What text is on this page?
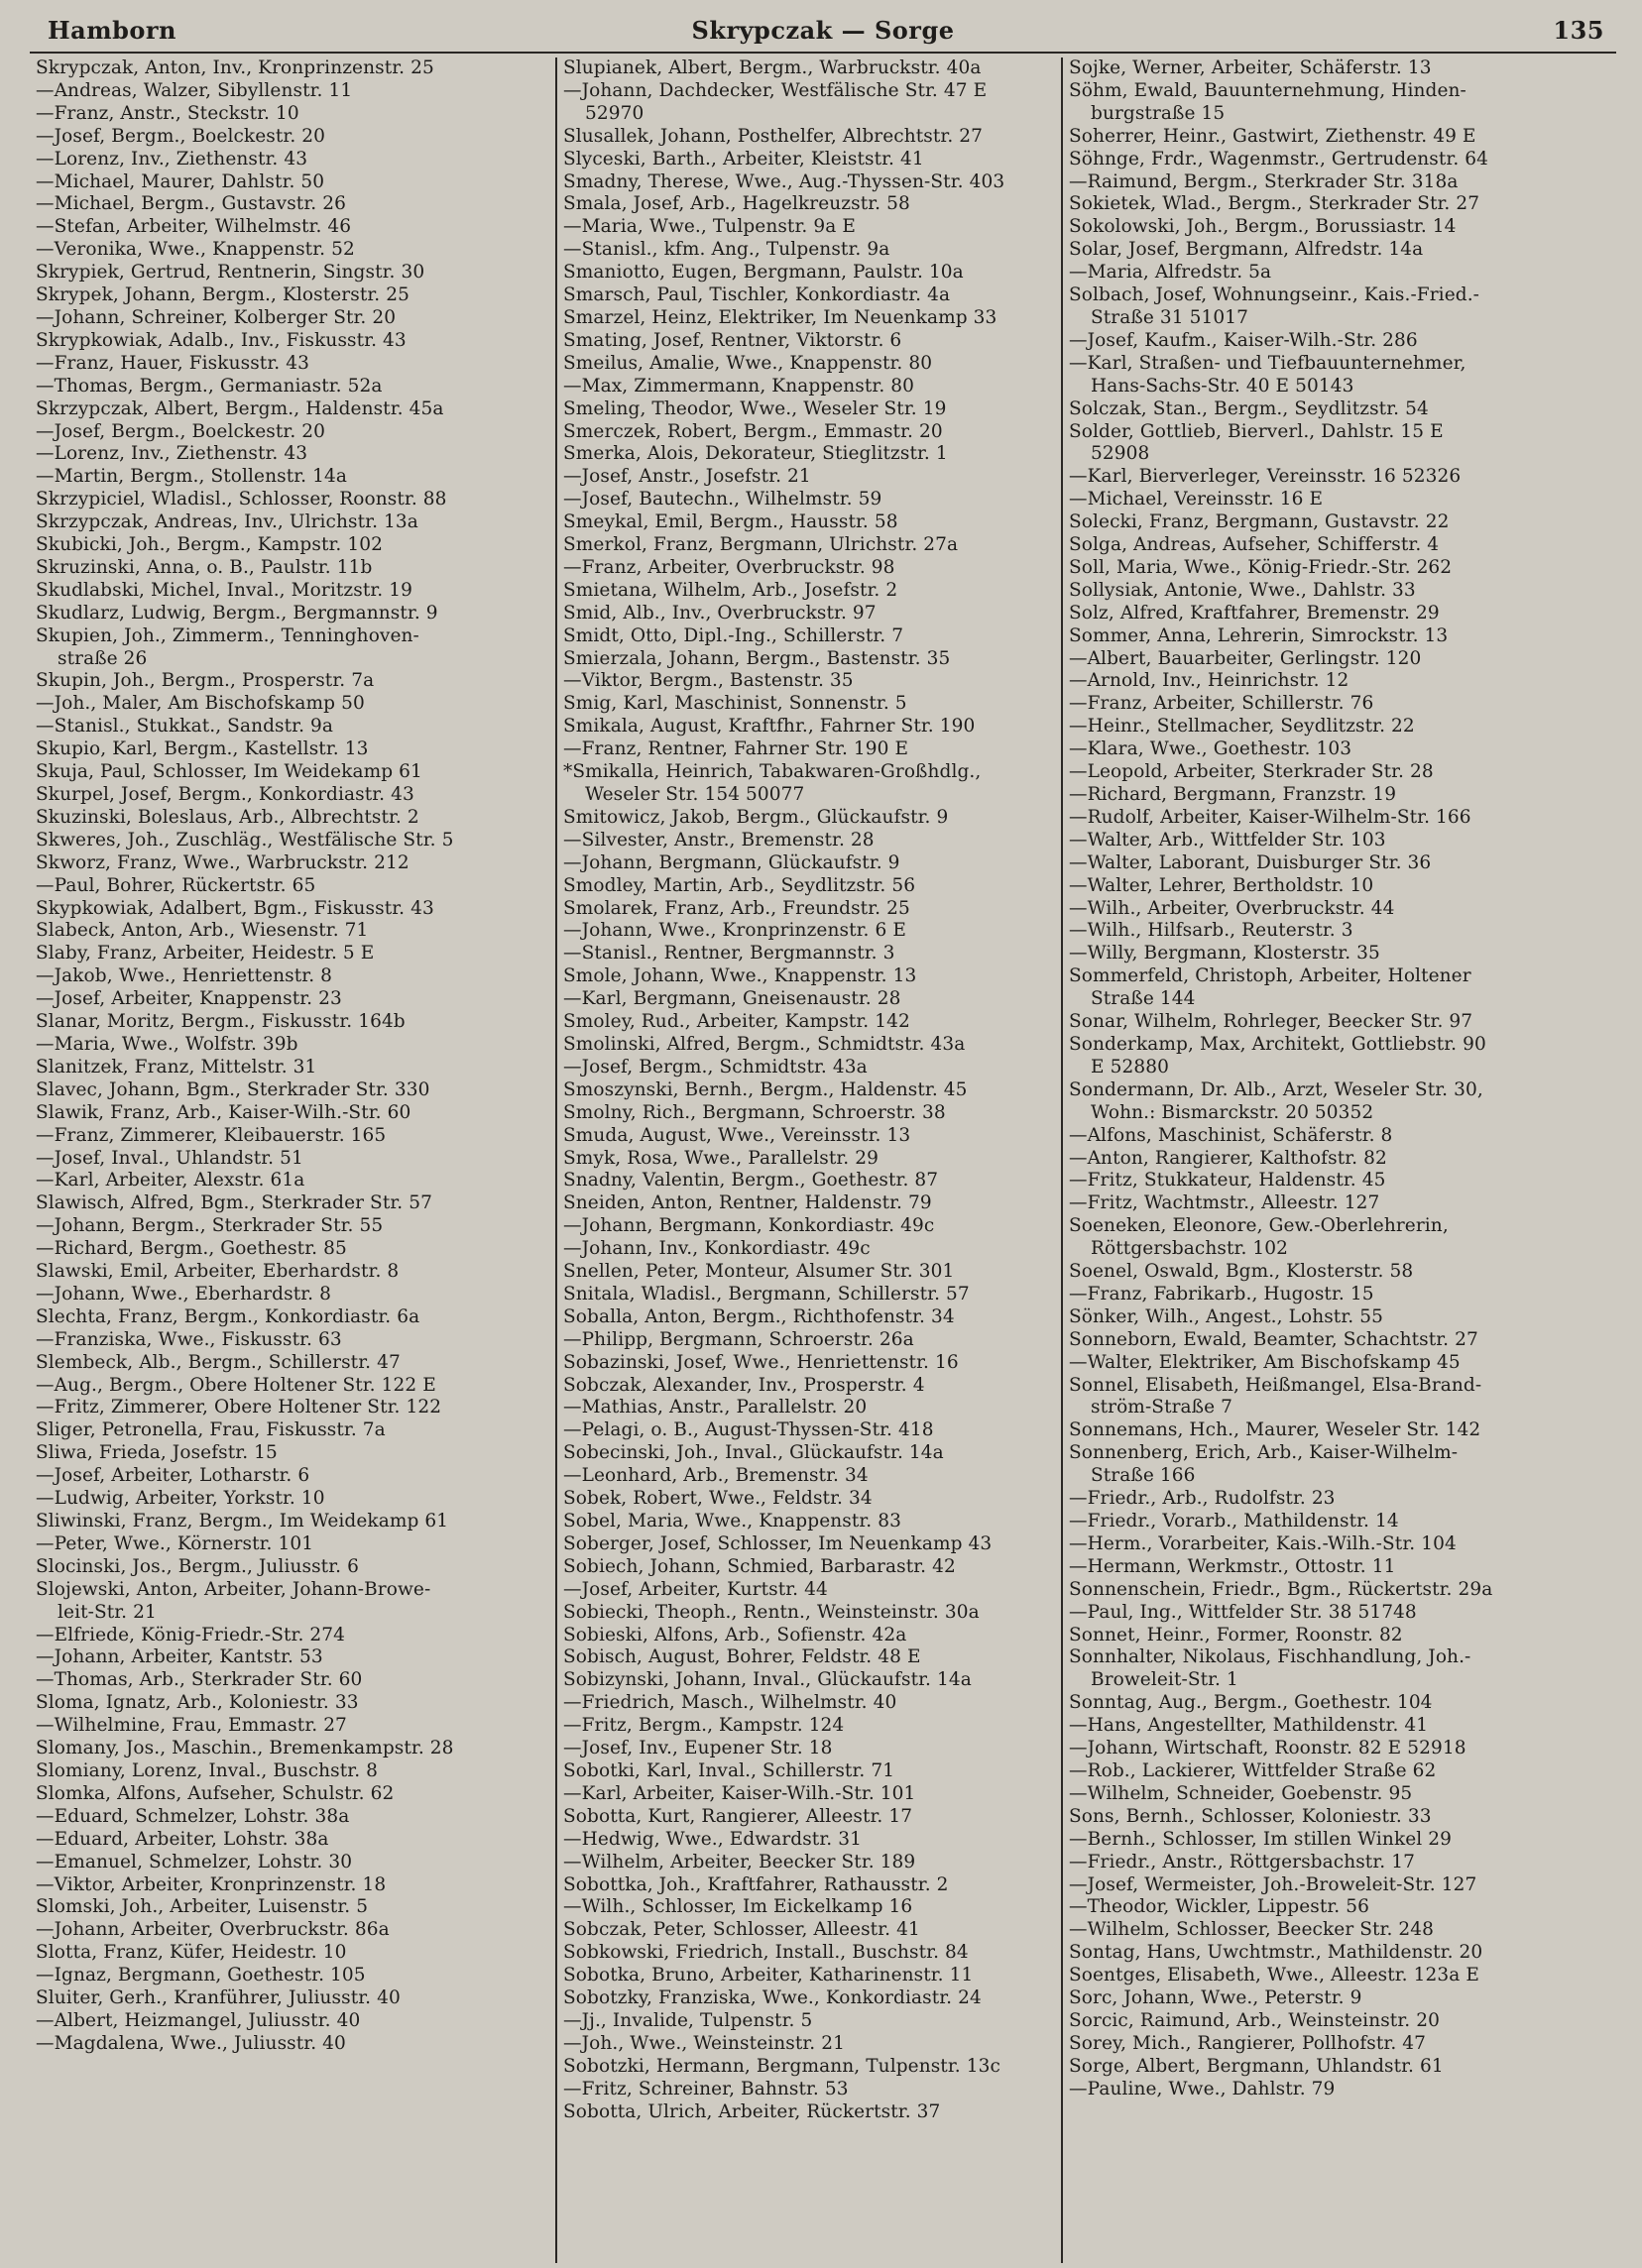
Hamborn	Skrypczak — Sorge	135
Skrypczak, Anton, Inv., Kronprinzenstr. 25
—Andreas, Walzer, Sibyllenstr. 11
—Franz, Anstr., Steckstr. 10
—Josef, Bergm., Boelckestr. 20
—Lorenz, Inv., Ziethenstr. 43
—Michael, Maurer, Dahlstr. 50
—Michael, Bergm., Gustavstr. 26
—Stefan, Arbeiter, Wilhelmstr. 46
—Veronika, Wwe., Knappenstr. 52
Skrypiek, Gertrud, Rentnerin, Singstr. 30
Skrypek, Johann, Bergm., Klosterstr. 25
—Johann, Schreiner, Kolberger Str. 20
Skrypkowiak, Adalb., Inv., Fiskusstr. 43
—Franz, Hauer, Fiskusstr. 43
—Thomas, Bergm., Germaniastr. 52a
Skrzypczak, Albert, Bergm., Haldenstr. 45a
—Josef, Bergm., Boelckestr. 20
—Lorenz, Inv., Ziethenstr. 43
—Martin, Bergm., Stollenstr. 14a
Skrzypiciel, Wladisl., Schlosser, Roonstr. 88
Skrzypczak, Andreas, Inv., Ulrichstr. 13a
Skubicki, Joh., Bergm., Kampstr. 102
Skruzinski, Anna, o. B., Paulstr. 11b
Skudlabski, Michel, Inval., Moritzstr. 19
Skudlarz, Ludwig, Bergm., Bergmannstr. 9
Skupien, Joh., Zimmerm., Tenninghoven-
straße 26
Skupin, Joh., Bergm., Prosperstr. 7a
—Joh., Maler, Am Bischofskamp 50
—Stanisl., Stukkat., Sandstr. 9a
Skupio, Karl, Bergm., Kastellstr. 13
Skuja, Paul, Schlosser, Im Weidekamp 61
Skurpel, Josef, Bergm., Konkordiastr. 43
Skuzinski, Boleslaus, Arb., Albrechtstr. 2
Skweres, Joh., Zuschläg., Westfälische Str. 5
Skworz, Franz, Wwe., Warbruckstr. 212
—Paul, Bohrer, Rückertstr. 65
Skypkowiak, Adalbert, Bgm., Fiskusstr. 43
Slabeck, Anton, Arb., Wiesenstr. 71
Slaby, Franz, Arbeiter, Heidestr. 5 E
—Jakob, Wwe., Henriettenstr. 8
—Josef, Arbeiter, Knappenstr. 23
Slanar, Moritz, Bergm., Fiskusstr. 164b
—Maria, Wwe., Wolfstr. 39b
Slanitzek, Franz, Mittelstr. 31
Slavec, Johann, Bgm., Sterkrader Str. 330
Slawik, Franz, Arb., Kaiser-Wilh.-Str. 60
—Franz, Zimmerer, Kleibauerstr. 165
—Josef, Inval., Uhlandstr. 51
—Karl, Arbeiter, Alexstr. 61a
Slawisch, Alfred, Bgm., Sterkrader Str. 57
—Johann, Bergm., Sterkrader Str. 55
—Richard, Bergm., Goethestr. 85
Slawski, Emil, Arbeiter, Eberhardstr. 8
—Johann, Wwe., Eberhardstr. 8
Slechta, Franz, Bergm., Konkordiastr. 6a
—Franziska, Wwe., Fiskusstr. 63
Slembeck, Alb., Bergm., Schillerstr. 47
—Aug., Bergm., Obere Holtener Str. 122 E
—Fritz, Zimmerer, Obere Holtener Str. 122
Sliger, Petronella, Frau, Fiskusstr. 7a
Sliwa, Frieda, Josefstr. 15
—Josef, Arbeiter, Lotharstr. 6
—Ludwig, Arbeiter, Yorkstr. 10
Sliwinski, Franz, Bergm., Im Weidekamp 61
—Peter, Wwe., Körnerstr. 101
Slocinski, Jos., Bergm., Juliusstr. 6
Slojewski, Anton, Arbeiter, Johann-Browe-
leit-Str. 21
—Elfriede, König-Friedr.-Str. 274
—Johann, Arbeiter, Kantstr. 53
—Thomas, Arb., Sterkrader Str. 60
Sloma, Ignatz, Arb., Koloniestr. 33
—Wilhelmine, Frau, Emmastr. 27
Slomany, Jos., Maschin., Bremenkampstr. 28
Slomiany, Lorenz, Inval., Buschstr. 8
Slomka, Alfons, Aufseher, Schulstr. 62
—Eduard, Schmelzer, Lohstr. 38a
—Eduard, Arbeiter, Lohstr. 38a
—Emanuel, Schmelzer, Lohstr. 30
—Viktor, Arbeiter, Kronprinzenstr. 18
Slomski, Joh., Arbeiter, Luisenstr. 5
—Johann, Arbeiter, Overbruckstr. 86a
Slotta, Franz, Küfer, Heidestr. 10
—Ignaz, Bergmann, Goethestr. 105
Sluiter, Gerh., Kranführer, Juliusstr. 40
—Albert, Heizmangel, Juliusstr. 40
—Magdalena, Wwe., Juliusstr. 40
Slupianek, Albert, Bergm., Warbruckstr. 40a
—Johann, Dachdecker, Westfälische Str. 47 E
52970
Slusallek, Johann, Posthelfer, Albrechtstr. 27
Slyceski, Barth., Arbeiter, Kleiststr. 41
Smadny, Therese, Wwe., Aug.-Thyssen-Str. 403
Smala, Josef, Arb., Hagelkreuzstr. 58
—Maria, Wwe., Tulpenstr. 9a E
—Stanisl., kfm. Ang., Tulpenstr. 9a
Smaniotto, Eugen, Bergmann, Paulstr. 10a
Smarsch, Paul, Tischler, Konkordiastr. 4a
Smarzel, Heinz, Elektriker, Im Neuenkamp 33
Smating, Josef, Rentner, Viktorstr. 6
Smeilus, Amalie, Wwe., Knappenstr. 80
—Max, Zimmermann, Knappenstr. 80
Smeling, Theodor, Wwe., Weseler Str. 19
Smerczek, Robert, Bergm., Emmastr. 20
Smerka, Alois, Dekorateur, Stieglitzstr. 1
—Josef, Anstr., Josefstr. 21
—Josef, Bautechn., Wilhelmstr. 59
Smeykal, Emil, Bergm., Hausstr. 58
Smerkol, Franz, Bergmann, Ulrichstr. 27a
—Franz, Arbeiter, Overbruckstr. 98
Smietana, Wilhelm, Arb., Josefstr. 2
Smid, Alb., Inv., Overbruckstr. 97
Smidt, Otto, Dipl.-Ing., Schillerstr. 7
Smierzala, Johann, Bergm., Bastenstr. 35
—Viktor, Bergm., Bastenstr. 35
Smig, Karl, Maschinist, Sonnenstr. 5
Smikala, August, Kraftfhr., Fahrner Str. 190
—Franz, Rentner, Fahrner Str. 190 E
*Smikalla, Heinrich, Tabakwaren-Großhdlg.,
Weseler Str. 154 50077
Smitowicz, Jakob, Bergm., Glückaufstr. 9
—Silvester, Anstr., Bremenstr. 28
—Johann, Bergmann, Glückaufstr. 9
Smodley, Martin, Arb., Seydlitzstr. 56
Smolarek, Franz, Arb., Freundstr. 25
—Johann, Wwe., Kronprinzenstr. 6 E
—Stanisl., Rentner, Bergmannstr. 3
Smole, Johann, Wwe., Knappenstr. 13
—Karl, Bergmann, Gneisenaustr. 28
Smoley, Rud., Arbeiter, Kampstr. 142
Smolinski, Alfred, Bergm., Schmidtstr. 43a
—Josef, Bergm., Schmidtstr. 43a
Smoszynski, Bernh., Bergm., Haldenstr. 45
Smolny, Rich., Bergmann, Schroerstr. 38
Smuda, August, Wwe., Vereinsstr. 13
Smyk, Rosa, Wwe., Parallelstr. 29
Snadny, Valentin, Bergm., Goethestr. 87
Sneiden, Anton, Rentner, Haldenstr. 79
—Johann, Bergmann, Konkordiastr. 49c
—Johann, Inv., Konkordiastr. 49c
Snellen, Peter, Monteur, Alsumer Str. 301
Snitala, Wladisl., Bergmann, Schillerstr. 57
Soballa, Anton, Bergm., Richthofenstr. 34
—Philipp, Bergmann, Schroerstr. 26a
Sobazinski, Josef, Wwe., Henriettenstr. 16
Sobczak, Alexander, Inv., Prosperstr. 4
—Mathias, Anstr., Parallelstr. 20
—Pelagi, o. B., August-Thyssen-Str. 418
Sobecinski, Joh., Inval., Glückaufstr. 14a
—Leonhard, Arb., Bremenstr. 34
Sobek, Robert, Wwe., Feldstr. 34
Sobel, Maria, Wwe., Knappenstr. 83
Soberger, Josef, Schlosser, Im Neuenkamp 43
Sobiech, Johann, Schmied, Barbarastr. 42
—Josef, Arbeiter, Kurtstr. 44
Sobiecki, Theoph., Rentn., Weinsteinstr. 30a
Sobieski, Alfons, Arb., Sofienstr. 42a
Sobisch, August, Bohrer, Feldstr. 48 E
Sobizynski, Johann, Inval., Glückaufstr. 14a
—Friedrich, Masch., Wilhelmstr. 40
—Fritz, Bergm., Kampstr. 124
—Josef, Inv., Eupener Str. 18
Sobotki, Karl, Inval., Schillerstr. 71
—Karl, Arbeiter, Kaiser-Wilh.-Str. 101
Sobotta, Kurt, Rangierer, Alleestr. 17
—Hedwig, Wwe., Edwardstr. 31
—Wilhelm, Arbeiter, Beecker Str. 189
Sobottka, Joh., Kraftfahrer, Rathausstr. 2
—Wilh., Schlosser, Im Eickelkamp 16
Sobczak, Peter, Schlosser, Alleestr. 41
Sobkowski, Friedrich, Install., Buschstr. 84
Sobotka, Bruno, Arbeiter, Katharinenstr. 11
Sobotzky, Franziska, Wwe., Konkordiastr. 24
—Jj., Invalide, Tulpenstr. 5
—Joh., Wwe., Weinsteinstr. 21
Sobotzki, Hermann, Bergmann, Tulpenstr. 13c
—Fritz, Schreiner, Bahnstr. 53
Sobotta, Ulrich, Arbeiter, Rückertstr. 37
Sojke, Werner, Arbeiter, Schäferstr. 13
Söhm, Ewald, Bauunternehmung, Hinden-
burgstraße 15
Soherrer, Heinr., Gastwirt, Ziethenstr. 49 E
Söhnge, Frdr., Wagenmstr., Gertrudenstr. 64
—Raimund, Bergm., Sterkrader Str. 318a
Sokietek, Wlad., Bergm., Sterkrader Str. 27
Sokolowski, Joh., Bergm., Borussiastr. 14
Solar, Josef, Bergmann, Alfredstr. 14a
—Maria, Alfredstr. 5a
Solbach, Josef, Wohnungseinr., Kais.-Fried.-
Straße 31 51017
—Josef, Kaufm., Kaiser-Wilh.-Str. 286
—Karl, Straßen- und Tiefbauunternehmer,
Hans-Sachs-Str. 40 E 50143
Solczak, Stan., Bergm., Seydlitzstr. 54
Solder, Gottlieb, Bierverl., Dahlstr. 15 E
52908
—Karl, Bierverleger, Vereinsstr. 16 52326
—Michael, Vereinsstr. 16 E
Solecki, Franz, Bergmann, Gustavstr. 22
Solga, Andreas, Aufseher, Schifferstr. 4
Soll, Maria, Wwe., König-Friedr.-Str. 262
Sollysiak, Antonie, Wwe., Dahlstr. 33
Solz, Alfred, Kraftfahrer, Bremenstr. 29
Sommer, Anna, Lehrerin, Simrockstr. 13
—Albert, Bauarbeiter, Gerlingstr. 120
—Arnold, Inv., Heinrichstr. 12
—Franz, Arbeiter, Schillerstr. 76
—Heinr., Stellmacher, Seydlitzstr. 22
—Klara, Wwe., Goethestr. 103
—Leopold, Arbeiter, Sterkrader Str. 28
—Richard, Bergmann, Franzstr. 19
—Rudolf, Arbeiter, Kaiser-Wilhelm-Str. 166
—Walter, Arb., Wittfelder Str. 103
—Walter, Laborant, Duisburger Str. 36
—Walter, Lehrer, Bertholdstr. 10
—Wilh., Arbeiter, Overbruckstr. 44
—Wilh., Hilfsarb., Reuterstr. 3
—Willy, Bergmann, Klosterstr. 35
Sommerfeld, Christoph, Arbeiter, Holtener
Straße 144
Sonar, Wilhelm, Rohrleger, Beecker Str. 97
Sonderkamp, Max, Architekt, Gottliebstr. 90
E 52880
Sondermann, Dr. Alb., Arzt, Weseler Str. 30,
Wohn.: Bismarckstr. 20 50352
—Alfons, Maschinist, Schäferstr. 8
—Anton, Rangierer, Kalthofstr. 82
—Fritz, Stukkateur, Haldenstr. 45
—Fritz, Wachtmstr., Alleestr. 127
Soeneken, Eleonore, Gew.-Oberlehrerin,
Röttgersbachstr. 102
Soenel, Oswald, Bgm., Klosterstr. 58
—Franz, Fabrikarb., Hugostr. 15
Sönker, Wilh., Angest., Lohstr. 55
Sonneborn, Ewald, Beamter, Schachtstr. 27
—Walter, Elektriker, Am Bischofskamp 45
Sonnel, Elisabeth, Heißmangel, Elsa-Brand-
ström-Straße 7
Sonnemans, Hch., Maurer, Weseler Str. 142
Sonnenberg, Erich, Arb., Kaiser-Wilhelm-
Straße 166
—Friedr., Arb., Rudolfstr. 23
—Friedr., Vorarb., Mathildenstr. 14
—Herm., Vorarbeiter, Kais.-Wilh.-Str. 104
—Hermann, Werkmstr., Ottostr. 11
Sonnenschein, Friedr., Bgm., Rückertstr. 29a
—Paul, Ing., Wittfelder Str. 38 51748
Sonnet, Heinr., Former, Roonstr. 82
Sonnhalter, Nikolaus, Fischhandlung, Joh.-
Broweleit-Str. 1
Sonntag, Aug., Bergm., Goethestr. 104
—Hans, Angestellter, Mathildenstr. 41
—Johann, Wirtschaft, Roonstr. 82 E 52918
—Rob., Lackierer, Wittfelder Straße 62
—Wilhelm, Schneider, Goebenstr. 95
Sons, Bernh., Schlosser, Koloniestr. 33
—Bernh., Schlosser, Im stillen Winkel 29
—Friedr., Anstr., Röttgersbachstr. 17
—Josef, Wermeister, Joh.-Broweleit-Str. 127
—Theodor, Wickler, Lippestr. 56
—Wilhelm, Schlosser, Beecker Str. 248
Sontag, Hans, Uwchtmstr., Mathildenstr. 20
Soentges, Elisabeth, Wwe., Alleestr. 123a E
Sorc, Johann, Wwe., Peterstr. 9
Sorcic, Raimund, Arb., Weinsteinstr. 20
Sorey, Mich., Rangierer, Pollhofstr. 47
Sorge, Albert, Bergmann, Uhlandstr. 61
—Pauline, Wwe., Dahlstr. 79
